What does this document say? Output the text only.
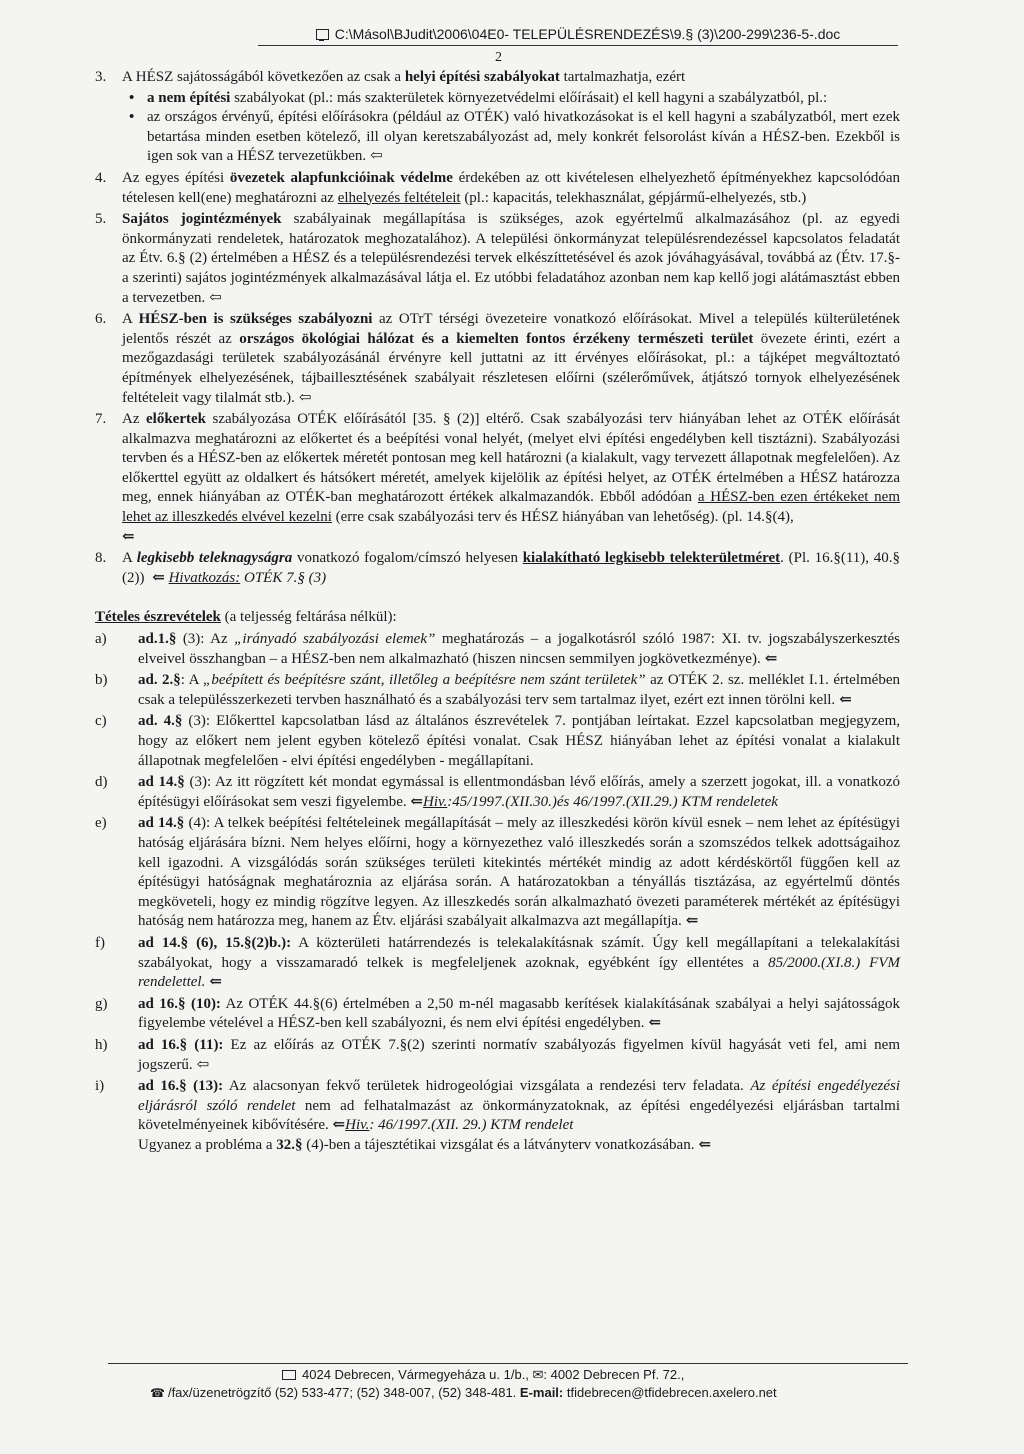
C:\Másol\BJudit\2006\04E0- TELEPÜLÉSRENDEZÉS\9.§ (3)\200-299\236-5-.doc
2
3.	A HÉSZ sajátosságából következően az csak a helyi építési szabályokat tartalmazhatja, ezért

• a nem építési szabályokat (pl.: más szakterületek környezetvédelmi előírásait) el kell hagyni a szabályzatból, pl.:

• az országos érvényű, építési előírásokra (például az OTÉK) való hivatkozásokat is el kell hagyni a szabályzatból, mert ezek betartása minden esetben kötelező, ill olyan keretszabályozást ad, mely konkrét felsorolást kíván a HÉSZ-ben. Ezekből is igen sok van a HÉSZ tervezetükben. ⇦

4.	Az egyes építési övezetek alapfunkcióinak védelme érdekében az ott kivételesen elhelyezhető építményekhez kapcsolódóan tételesen kell(ene) meghatározni az elhelyezés feltételeit (pl.: kapacitás, telekhasználat, gépjármű-elhelyezés, stb.)

5.	Sajátos jogintézmények szabályainak megállapítása is szükséges, azok egyértelmű alkalmazásához (pl. az egyedi önkormányzati rendeletek, határozatok meghozatalához). A települési önkormányzat településrendezéssel kapcsolatos feladatát az Étv. 6.§ (2) értelmében a HÉSZ és a településrendezési tervek elkészíttetésével és azok jóváhagyásával, továbbá az (Étv. 17.§-a szerinti) sajátos jogintézmények alkalmazásával látja el. Ez utóbbi feladatához azonban nem kap kellő jogi alátámasztást ebben a tervezetben. ⇦

6.	A HÉSZ-ben is szükséges szabályozni az OTrT térségi övezeteire vonatkozó előírásokat. Mivel a település külterületének jelentős részét az országos ökológiai hálózat és a kiemelten fontos érzékeny természeti terület övezete érinti, ezért a mezőgazdasági területek szabályozásánál érvényre kell juttatni az itt érvényes előírásokat, pl.: a tájképet megváltoztató építmények elhelyezésének, tájbaillesztésének szabályait részletesen előírni (szélerőművek, átjátszó tornyok elhelyezésének feltételeit vagy tilalmát stb.). ⇦

7.	Az előkertek szabályozása OTÉK előírásától [35. § (2)] eltérő. Csak szabályozási terv hiányában lehet az OTÉK előírását alkalmazva meghatározni az előkertet és a beépítési vonal helyét, (melyet elvi építési engedélyben kell tisztázni). Szabályozási tervben és a HÉSZ-ben az előkertek méretét pontosan meg kell határozni (a kialakult, vagy tervezett állapotnak megfelelően). Az előkerttel együtt az oldalkert és hátsókert méretét, amelyek kijelölik az építési helyet, az OTÉK értelmében a HÉSZ határozza meg, ennek hiányában az OTÉK-ban meghatározott értékek alkalmazandók. Ebből adódóan a HÉSZ-ben ezen értékeket nem lehet az illeszkedés elvével kezelni (erre csak szabályozási terv és HÉSZ hiányában van lehetőség). (pl. 14.§(4),
⇐

8.	A legkisebb teleknagyságra vonatkozó fogalom/címszó helyesen kialakítható legkisebb telekterületméret. (Pl. 16.§(11), 40.§ (2)) ⇐ Hivatkozás: OTÉK 7.§ (3)

Tételes észrevételek (a teljesség feltárása nélkül):

a)	ad.1.§ (3): Az „irányadó szabályozási elemek” meghatározás – a jogalkotásról szóló 1987: XI. tv. jogszabályszerkesztés elveivel összhangban – a HÉSZ-ben nem alkalmazható (hiszen nincsen semmilyen jogkövetkezménye). ⇐

b)	ad. 2.§: A „beépített és beépítésre szánt, illetőleg a beépítésre nem szánt területek” az OTÉK 2. sz. melléklet I.1. értelmében csak a településszerkezeti tervben használható és a szabályozási terv sem tartalmaz ilyet, ezért ezt innen törölni kell. ⇐

c)	ad. 4.§ (3): Előkerttel kapcsolatban lásd az általános észrevételek 7. pontjában leírtakat. Ezzel kapcsolatban megjegyzem, hogy az előkert nem jelent egyben kötelező építési vonalat. Csak HÉSZ hiányában lehet az építési vonalat a kialakult állapotnak megfelelően - elvi építési engedélyben - megállapítani.

d)	ad 14.§ (3): Az itt rögzített két mondat egymással is ellentmondásban lévő előírás, amely a szerzett jogokat, ill. a vonatkozó építésügyi előírásokat sem veszi figyelembe. ⇐Hiv.:45/1997.(XII.30.)és 46/1997.(XII.29.) KTM rendeletek

e)	ad 14.§ (4): A telkek beépítési feltételeinek megállapítását – mely az illeszkedési körön kívül esnek – nem lehet az építésügyi hatóság eljárására bízni. Nem helyes előírni, hogy a környezethez való illeszkedés során a szomszédos telkek adottságaihoz kell igazodni. A vizsgálódás során szükséges területi kitekintés mértékét mindig az adott kérdéskörtől függően kell az építésügyi hatóságnak meghatároznia az eljárása során. A határozatokban a tényállás tisztázása, az egyértelmű döntés megköveteli, hogy ez mindig rögzítve legyen. Az illeszkedés során alkalmazható övezeti paraméterek mértékét az építésügyi hatóság nem határozza meg, hanem az Étv. eljárási szabályait alkalmazva azt megállapítja. ⇐

f)	ad 14.§ (6), 15.§(2)b.): A közterületi határrendezés is telekalakításnak számít. Úgy kell megállapítani a telekalakítási szabályokat, hogy a visszamaradó telkek is megfeleljenek azoknak, egyébként így ellentétes a 85/2000.(XI.8.) FVM rendelettel. ⇐

g)	ad 16.§ (10): Az OTÉK 44.§(6) értelmében a 2,50 m-nél magasabb kerítések kialakításának szabályai a helyi sajátosságok figyelembe vételével a HÉSZ-ben kell szabályozni, és nem elvi építési engedélyben. ⇐

h)	ad 16.§ (11): Ez az előírás az OTÉK 7.§(2) szerinti normatív szabályozás figyelmen kívül hagyását veti fel, ami nem jogszerű. ⇦

i)	ad 16.§ (13): Az alacsonyan fekvő területek hidrogeológiai vizsgálata a rendezési terv feladata. Az építési engedélyezési eljárásról szóló rendelet nem ad felhatalmazást az önkormányzatoknak, az építési engedélyezési eljárásban tartalmi követelményeinek kibővítésére. ⇐Hiv.: 46/1997.(XII. 29.) KTM rendelet
Ugyanez a probléma a 32.§ (4)-ben a tájesztétikai vizsgálat és a látványterv vonatkozásában. ⇐

4024 Debrecen, Vármegyeháza u. 1/b., ✉: 4002 Debrecen Pf. 72.,
☎ /fax/üzenetrögzítő (52) 533-477; (52) 348-007, (52) 348-481. E-mail: tfidebrecen@tfidebrecen.axelero.net
